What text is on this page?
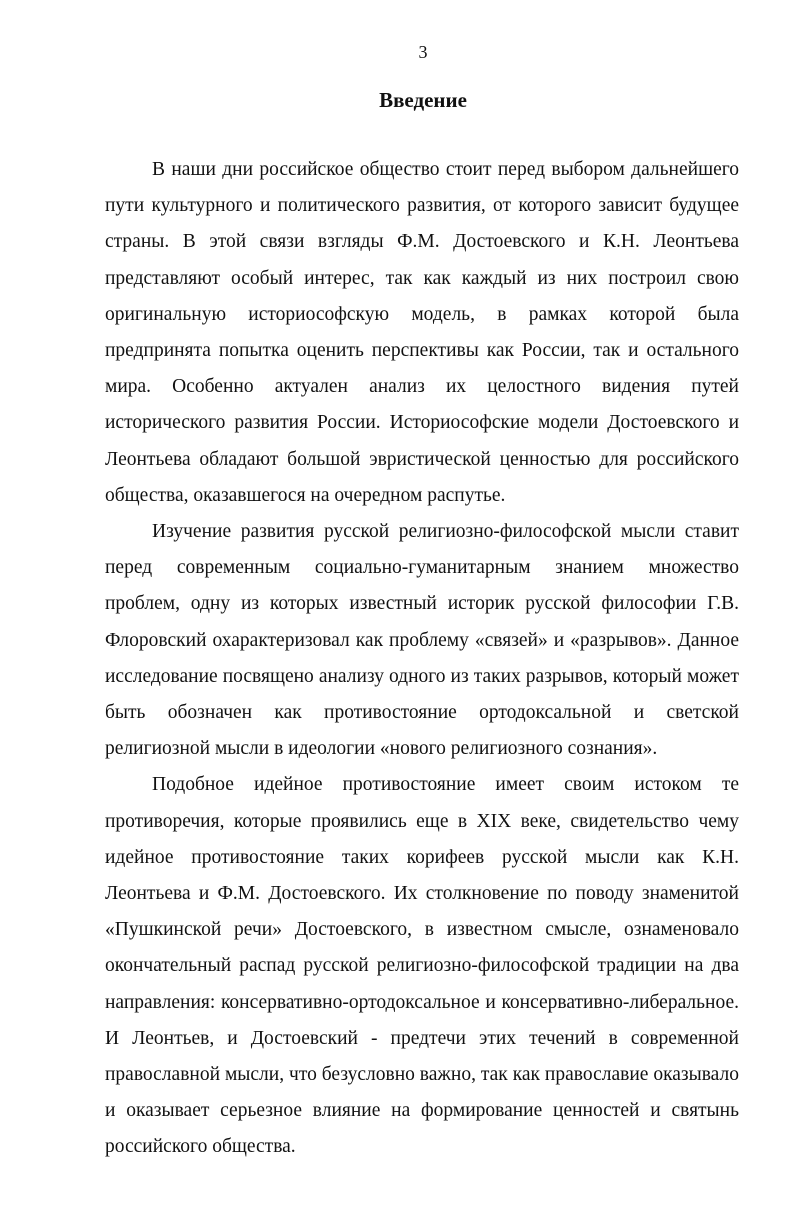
3
Введение

В наши дни российское общество стоит перед выбором дальнейшего пути культурного и политического развития, от которого зависит будущее страны. В этой связи взгляды Ф.М. Достоевского и К.Н. Леонтьева представляют особый интерес, так как каждый из них построил свою оригинальную историософскую модель, в рамках которой была предпринята попытка оценить перспективы как России, так и остального мира. Особенно актуален анализ их целостного видения путей исторического развития России. Историософские модели Достоевского и Леонтьева обладают большой эвристической ценностью для российского общества, оказавшегося на очередном распутье.

Изучение развития русской религиозно-философской мысли ставит перед современным социально-гуманитарным знанием множество проблем, одну из которых известный историк русской философии Г.В. Флоровский охарактеризовал как проблему «связей» и «разрывов». Данное исследование посвящено анализу одного из таких разрывов, который может быть обозначен как противостояние ортодоксальной и светской религиозной мысли в идеологии «нового религиозного сознания».

Подобное идейное противостояние имеет своим истоком те противоречия, которые проявились еще в XIX веке, свидетельство чему идейное противостояние таких корифеев русской мысли как К.Н. Леонтьева и Ф.М. Достоевского. Их столкновение по поводу знаменитой «Пушкинской речи» Достоевского, в известном смысле, ознаменовало окончательный распад русской религиозно-философской традиции на два направления: консервативно-ортодоксальное и консервативно-либеральное. И Леонтьев, и Достоевский - предтечи этих течений в современной православной мысли, что безусловно важно, так как православие оказывало и оказывает серьезное влияние на формирование ценностей и святынь российского общества.
